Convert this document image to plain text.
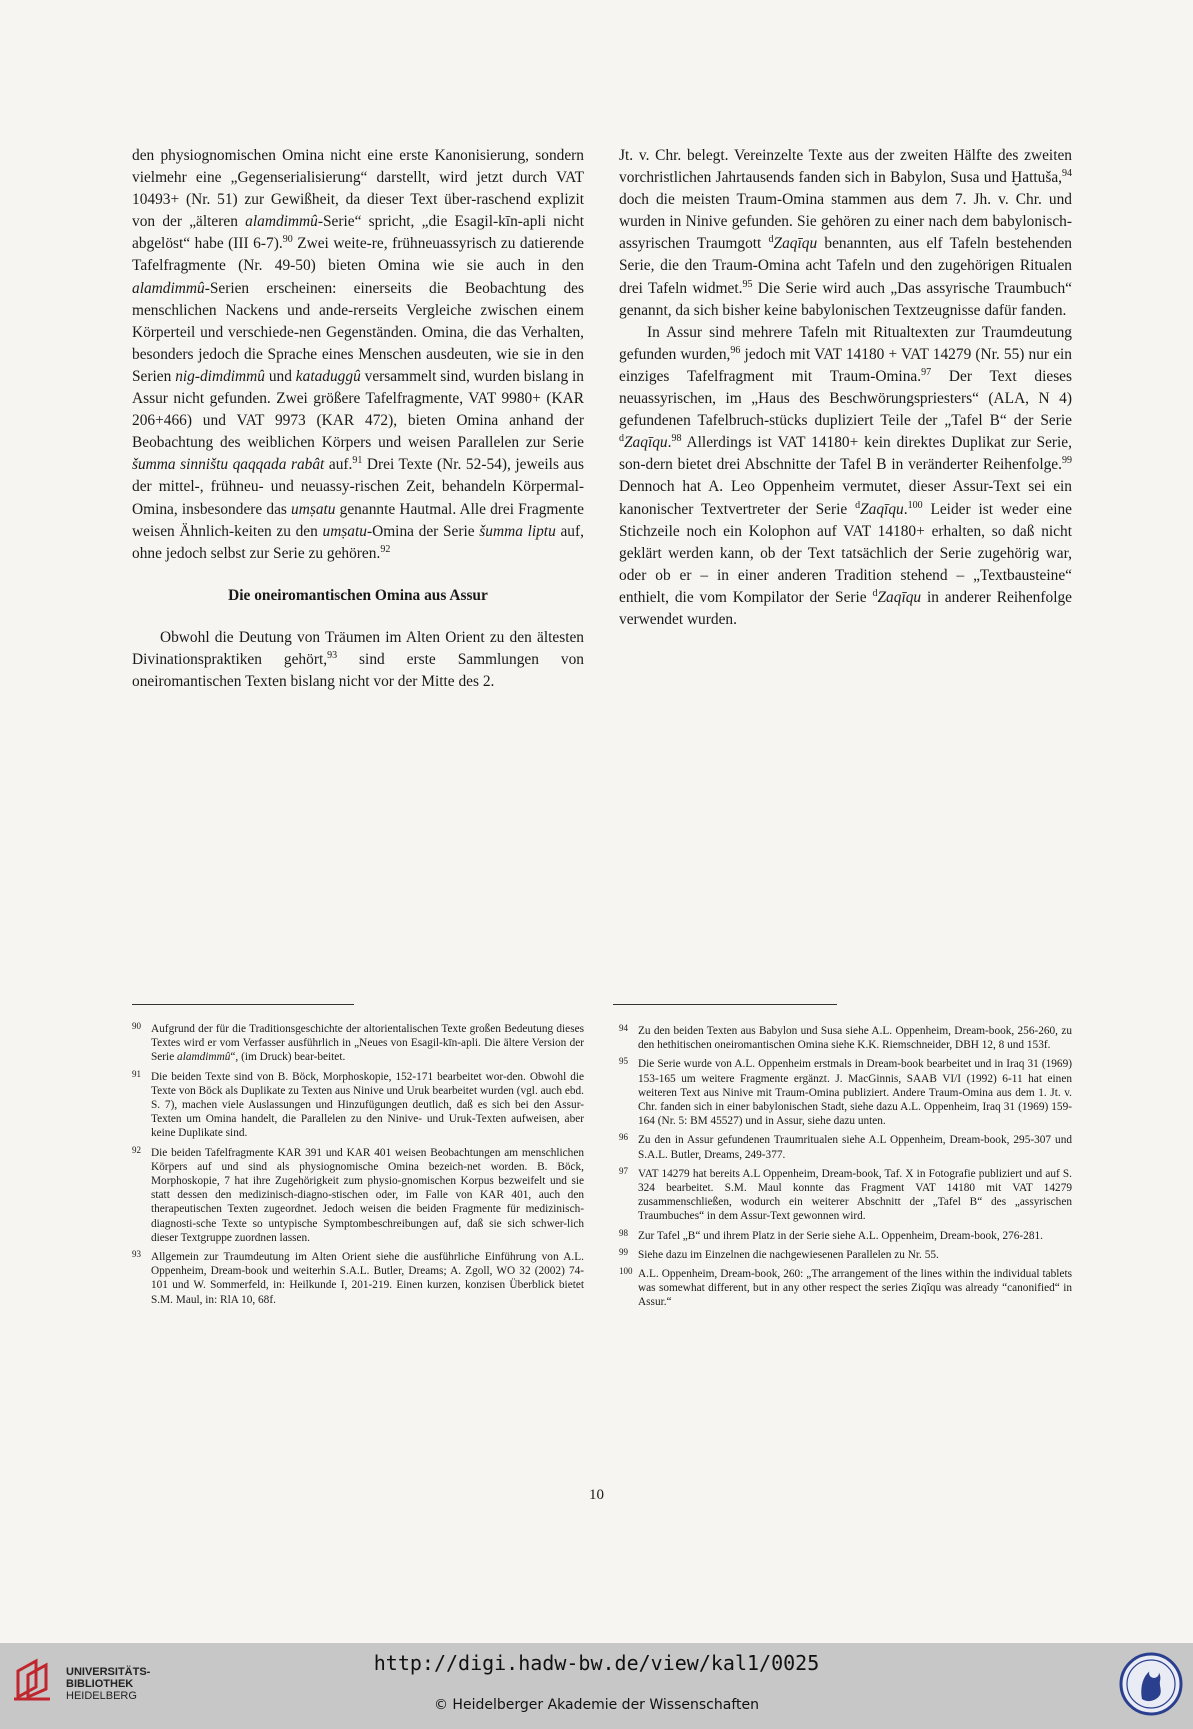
den physiognomischen Omina nicht eine erste Kanonisierung, sondern vielmehr eine „Gegenserialisierung“ darstellt, wird jetzt durch VAT 10493+ (Nr. 51) zur Gewißheit, da dieser Text über-raschend explizit von der „älteren alamdimmû-Serie“ spricht, „die Esagil-kīn-apli nicht abgelöst“ habe (III 6-7).$^{90}$ Zwei weite-re, frühneuassyrisch zu datierende Tafelfragmente (Nr. 49-50) bieten Omina wie sie auch in den alamdimmû-Serien erscheinen: einerseits die Beobachtung des menschlichen Nackens und ande-rerseits Vergleiche zwischen einem Körperteil und verschiede-nen Gegenständen. Omina, die das Verhalten, besonders jedoch die Sprache eines Menschen ausdeuten, wie sie in den Serien nig-dimdimmû und kataduggû versammelt sind, wurden bislang in Assur nicht gefunden. Zwei größere Tafelfragmente, VAT 9980+ (KAR 206+466) und VAT 9973 (KAR 472), bieten Omina anhand der Beobachtung des weiblichen Körpers und weisen Parallelen zur Serie šumma sinništu qaqqada rabât auf.$^{91}$ Drei Texte (Nr. 52-54), jeweils aus der mittel-, frühneu- und neuassy-rischen Zeit, behandeln Körpermal-Omina, insbesondere das umṣatu genannte Hautmal. Alle drei Fragmente weisen Ähnlich-keiten zu den umṣatu-Omina der Serie šumma liptu auf, ohne jedoch selbst zur Serie zu gehören.$^{92}$

Die oneiromantischen Omina aus Assur

Obwohl die Deutung von Träumen im Alten Orient zu den ältesten Divinationspraktiken gehört,$^{93}$ sind erste Sammlungen von oneiromantischen Texten bislang nicht vor der Mitte des 2.

Jt. v. Chr. belegt. Vereinzelte Texte aus der zweiten Hälfte des zweiten vorchristlichen Jahrtausends fanden sich in Babylon, Susa und Ḫattuša,$^{94}$ doch die meisten Traum-Omina stammen aus dem 7. Jh. v. Chr. und wurden in Ninive gefunden. Sie gehören zu einer nach dem babylonisch-assyrischen Traumgott $^d$Zaqīqu benannten, aus elf Tafeln bestehenden Serie, die den Traum-Omina acht Tafeln und den zugehörigen Ritualen drei Tafeln widmet.$^{95}$ Die Serie wird auch „Das assyrische Traumbuch“ genannt, da sich bisher keine babylonischen Textzeugnisse dafür fanden.

In Assur sind mehrere Tafeln mit Ritualtexten zur Traumdeutung gefunden wurden,$^{96}$ jedoch mit VAT 14180 + VAT 14279 (Nr. 55) nur ein einziges Tafelfragment mit Traum-Omina.$^{97}$ Der Text dieses neuassyrischen, im „Haus des Beschwörungspriesters“ (ALA, N 4) gefundenen Tafelbruch-stücks dupliziert Teile der „Tafel B“ der Serie $^d$Zaqīqu.$^{98}$ Allerdings ist VAT 14180+ kein direktes Duplikat zur Serie, son-dern bietet drei Abschnitte der Tafel B in veränderter Reihenfolge.$^{99}$ Dennoch hat A. Leo Oppenheim vermutet, dieser Assur-Text sei ein kanonischer Textvertreter der Serie $^d$Zaqīqu.$^{100}$ Leider ist weder eine Stichzeile noch ein Kolophon auf VAT 14180+ erhalten, so daß nicht geklärt werden kann, ob der Text tatsächlich der Serie zugehörig war, oder ob er – in einer anderen Tradition stehend – „Textbausteine“ enthielt, die vom Kompilator der Serie $^d$Zaqīqu in anderer Reihenfolge verwendet wurden.

90 Aufgrund der für die Traditionsgeschichte der altorientalischen Texte großen Bedeutung dieses Textes wird er vom Verfasser ausführlich in „Neues von Esagil-kīn-apli. Die ältere Version der Serie alamdimmû“, (im Druck) bear-beitet.
91 Die beiden Texte sind von B. Böck, Morphoskopie, 152-171 bearbeitet wor-den. Obwohl die Texte von Böck als Duplikate zu Texten aus Ninive und Uruk bearbeitet wurden (vgl. auch ebd. S. 7), machen viele Auslassungen und Hinzufügungen deutlich, daß es sich bei den Assur-Texten um Omina handelt, die Parallelen zu den Ninive- und Uruk-Texten aufweisen, aber keine Duplikate sind.
92 Die beiden Tafelfragmente KAR 391 und KAR 401 weisen Beobachtungen am menschlichen Körpers auf und sind als physiognomische Omina bezeich-net worden. B. Böck, Morphoskopie, 7 hat ihre Zugehörigkeit zum physio-gnomischen Korpus bezweifelt und sie statt dessen den medizinisch-diagno-stischen oder, im Falle von KAR 401, auch den therapeutischen Texten zugeordnet. Jedoch weisen die beiden Fragmente für medizinisch-diagnosti-sche Texte so untypische Symptombeschreibungen auf, daß sie sich schwer-lich dieser Textgruppe zuordnen lassen.
93 Allgemein zur Traumdeutung im Alten Orient siehe die ausführliche Einführung von A.L. Oppenheim, Dream-book und weiterhin S.A.L. Butler, Dreams; A. Zgoll, WO 32 (2002) 74-101 und W. Sommerfeld, in: Heilkunde I, 201-219. Einen kurzen, konzisen Überblick bietet S.M. Maul, in: RlA 10, 68f.
94 Zu den beiden Texten aus Babylon und Susa siehe A.L. Oppenheim, Dream-book, 256-260, zu den hethitischen oneiromantischen Omina siehe K.K. Riemschneider, DBH 12, 8 und 153f.
95 Die Serie wurde von A.L. Oppenheim erstmals in Dream-book bearbeitet und in Iraq 31 (1969) 153-165 um weitere Fragmente ergänzt. J. MacGinnis, SAAB VI/I (1992) 6-11 hat einen weiteren Text aus Ninive mit Traum-Omina publiziert. Andere Traum-Omina aus dem 1. Jt. v. Chr. fanden sich in einer babylonischen Stadt, siehe dazu A.L. Oppenheim, Iraq 31 (1969) 159-164 (Nr. 5: BM 45527) und in Assur, siehe dazu unten.
96 Zu den in Assur gefundenen Traumritualen siehe A.L Oppenheim, Dream-book, 295-307 und S.A.L. Butler, Dreams, 249-377.
97 VAT 14279 hat bereits A.L Oppenheim, Dream-book, Taf. X in Fotografie publiziert und auf S. 324 bearbeitet. S.M. Maul konnte das Fragment VAT 14180 mit VAT 14279 zusammenschließen, wodurch ein weiterer Abschnitt der „Tafel B“ des „assyrischen Traumbuches“ in dem Assur-Text gewonnen wird.
98 Zur Tafel „B“ und ihrem Platz in der Serie siehe A.L. Oppenheim, Dream-book, 276-281.
99 Siehe dazu im Einzelnen die nachgewiesenen Parallelen zu Nr. 55.
100 A.L. Oppenheim, Dream-book, 260: „The arrangement of the lines within the individual tablets was somewhat different, but in any other respect the series Ziqîqu was already “canonified“ in Assur.“
10
UNIVERSITÄTS-
BIBLIOTHEK
HEIDELBERG
http://digi.hadw-bw.de/view/kal1/0025
© Heidelberger Akademie der Wissenschaften
